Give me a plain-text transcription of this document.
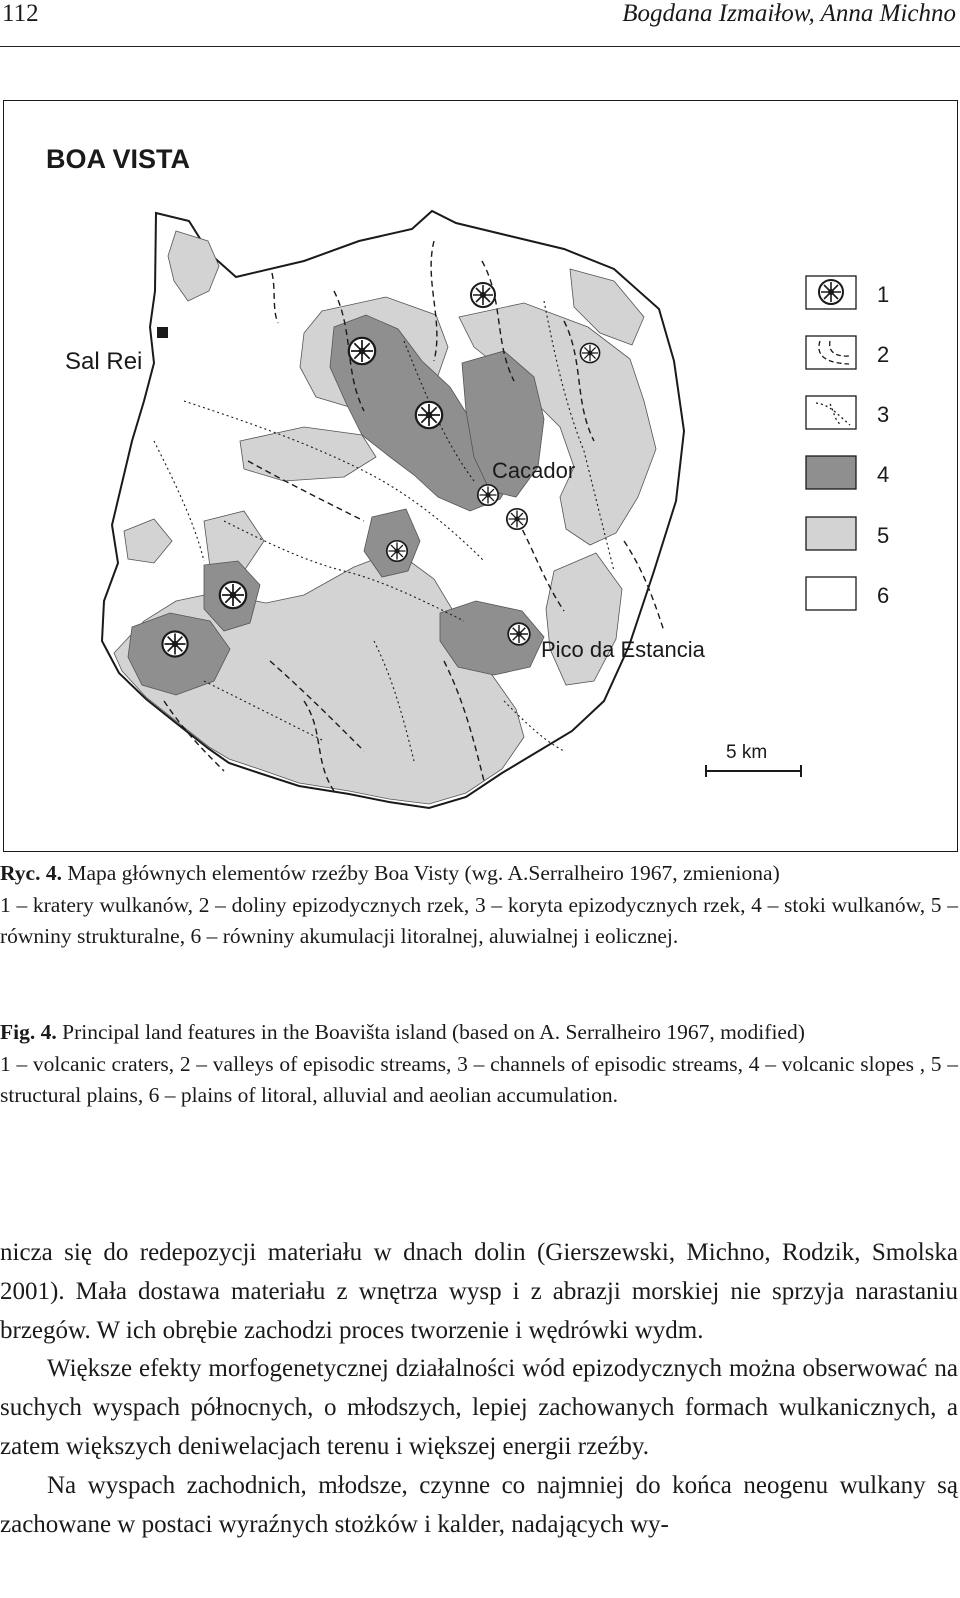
112	Bogdana Izmaiłow, Anna Michno
BOA VISTA
Sal Rei
Cacador
Pico da Estancia
1
2
3
4
5
6
5 km

Ryc. 4. Mapa głównych elementów rzeźby Boa Visty (wg. A.Serralheiro 1967, zmieniona)

1 – kratery wulkanów, 2 – doliny epizodycznych rzek, 3 – koryta epizodycznych rzek, 4 – stoki wulkanów, 5 – równiny strukturalne, 6 – równiny akumulacji litoralnej, aluwialnej i eolicznej.

Fig. 4. Principal land features in the Boavišta island (based on A. Serralheiro 1967, modified)

1 – volcanic craters, 2 – valleys of episodic streams, 3 – channels of episodic streams, 4 – volcanic slopes , 5 – structural plains, 6 – plains of litoral, alluvial and aeolian accumulation.

nicza się do redepozycji materiału w dnach dolin (Gierszewski, Michno, Rodzik, Smolska 2001). Mała dostawa materiału z wnętrza wysp i z abrazji morskiej nie sprzyja narastaniu brzegów. W ich obrębie zachodzi proces tworzenie i wędrówki wydm.

Większe efekty morfogenetycznej działalności wód epizodycznych można obserwować na suchych wyspach północnych, o młodszych, lepiej zachowanych formach wulkanicznych, a zatem większych deniwelacjach terenu i większej energii rzeźby.

Na wyspach zachodnich, młodsze, czynne co najmniej do końca neogenu wulkany są zachowane w postaci wyraźnych stożków i kalder, nadających wy-
